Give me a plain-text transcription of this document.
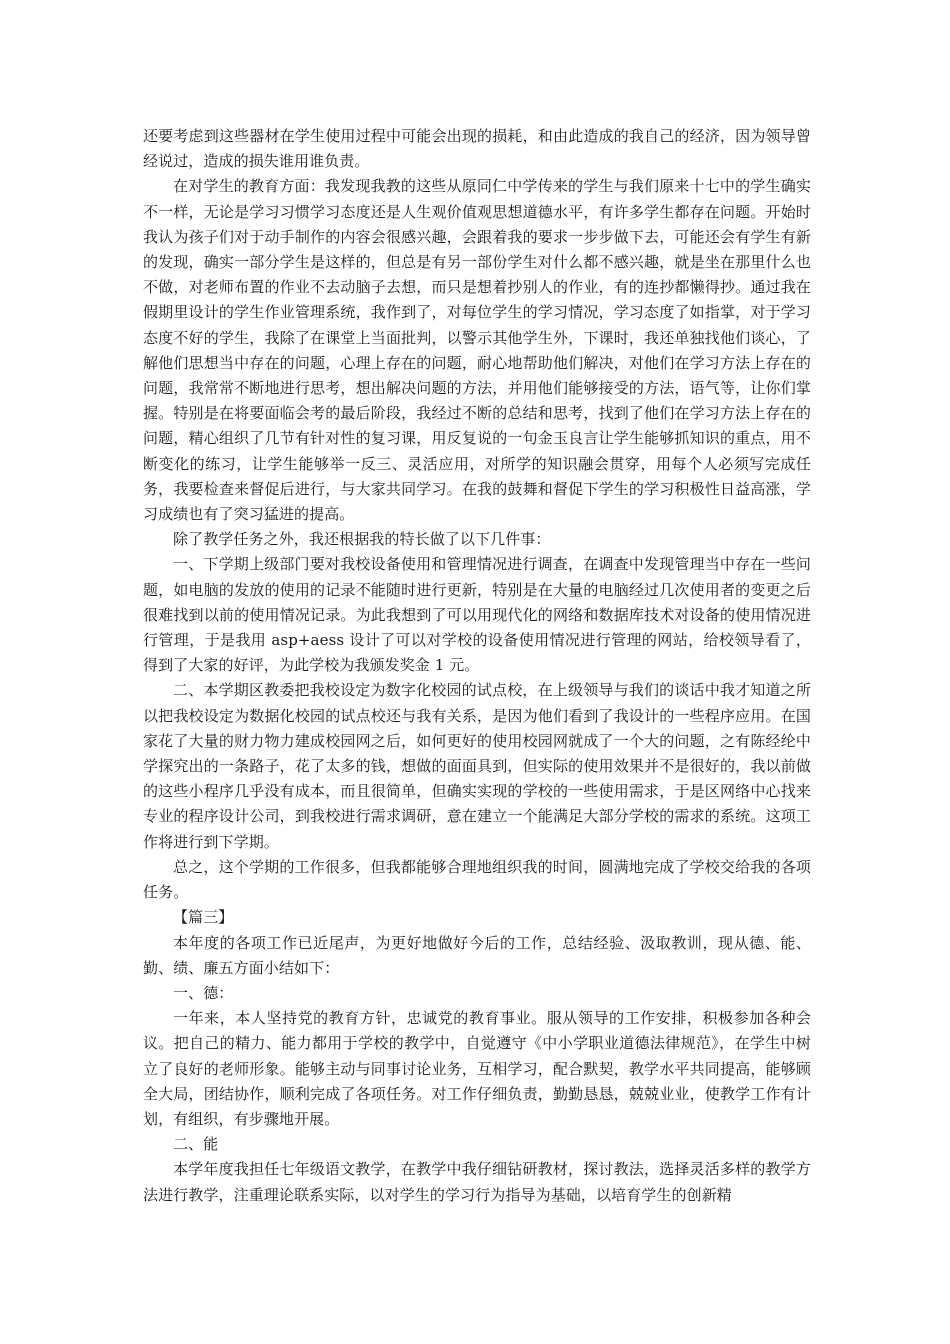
还要考虑到这些器材在学生使用过程中可能会出现的损耗，和由此造成的我自己的经济，因为领导曾经说过，造成的损失谁用谁负责。

在对学生的教育方面：我发现我教的这些从原同仁中学传来的学生与我们原来十七中的学生确实不一样，无论是学习习惯学习态度还是人生观价值观思想道德水平，有许多学生都存在问题。开始时我认为孩子们对于动手制作的内容会很感兴趣，会跟着我的要求一步步做下去，可能还会有学生有新的发现，确实一部分学生是这样的，但总是有另一部份学生对什么都不感兴趣，就是坐在那里什么也不做，对老师布置的作业不去动脑子去想，而只是想着抄别人的作业，有的连抄都懒得抄。通过我在假期里设计的学生作业管理系统，我作到了，对每位学生的学习情况，学习态度了如指掌，对于学习态度不好的学生，我除了在课堂上当面批判，以警示其他学生外，下课时，我还单独找他们谈心，了解他们思想当中存在的问题，心理上存在的问题，耐心地帮助他们解决，对他们在学习方法上存在的问题，我常常不断地进行思考，想出解决问题的方法，并用他们能够接受的方法，语气等，让你们掌握。特别是在将要面临会考的最后阶段，我经过不断的总结和思考，找到了他们在学习方法上存在的问题，精心组织了几节有针对性的复习课，用反复说的一句金玉良言让学生能够抓知识的重点，用不断变化的练习，让学生能够举一反三、灵活应用，对所学的知识融会贯穿，用每个人必须写完成任务，我要检查来督促后进行，与大家共同学习。在我的鼓舞和督促下学生的学习积极性日益高涨，学习成绩也有了突习猛进的提高。

除了教学任务之外，我还根据我的特长做了以下几件事：

一、下学期上级部门要对我校设备使用和管理情况进行调查，在调查中发现管理当中存在一些问题，如电脑的发放的使用的记录不能随时进行更新，特别是在大量的电脑经过几次使用者的变更之后很难找到以前的使用情况记录。为此我想到了可以用现代化的网络和数据库技术对设备的使用情况进行管理，于是我用 asp+aess 设计了可以对学校的设备使用情况进行管理的网站，给校领导看了，得到了大家的好评，为此学校为我颁发奖金 1 元。

二、本学期区教委把我校设定为数字化校园的试点校，在上级领导与我们的谈话中我才知道之所以把我校设定为数据化校园的试点校还与我有关系，是因为他们看到了我设计的一些程序应用。在国家花了大量的财力物力建成校园网之后，如何更好的使用校园网就成了一个大的问题，之有陈经纶中学探究出的一条路子，花了太多的钱，想做的面面具到，但实际的使用效果并不是很好的，我以前做的这些小程序几乎没有成本，而且很简单，但确实实现的学校的一些使用需求，于是区网络中心找来专业的程序设计公司，到我校进行需求调研，意在建立一个能满足大部分学校的需求的系统。这项工作将进行到下学期。

总之，这个学期的工作很多，但我都能够合理地组织我的时间，圆满地完成了学校交给我的各项任务。

【篇三】

本年度的各项工作已近尾声，为更好地做好今后的工作，总结经验、汲取教训，现从德、能、勤、绩、廉五方面小结如下：

一、德：

一年来，本人坚持党的教育方针，忠诚党的教育事业。服从领导的工作安排，积极参加各种会议。把自己的精力、能力都用于学校的教学中，自觉遵守《中小学职业道德法律规范》，在学生中树立了良好的老师形象。能够主动与同事讨论业务，互相学习，配合默契，教学水平共同提高，能够顾全大局，团结协作，顺利完成了各项任务。对工作仔细负责，勤勤恳恳，兢兢业业，使教学工作有计划，有组织，有步骤地开展。

二、能

本学年度我担任七年级语文教学，在教学中我仔细钻研教材，探讨教法，选择灵活多样的教学方法进行教学，注重理论联系实际，以对学生的学习行为指导为基础，以培育学生的创新精
